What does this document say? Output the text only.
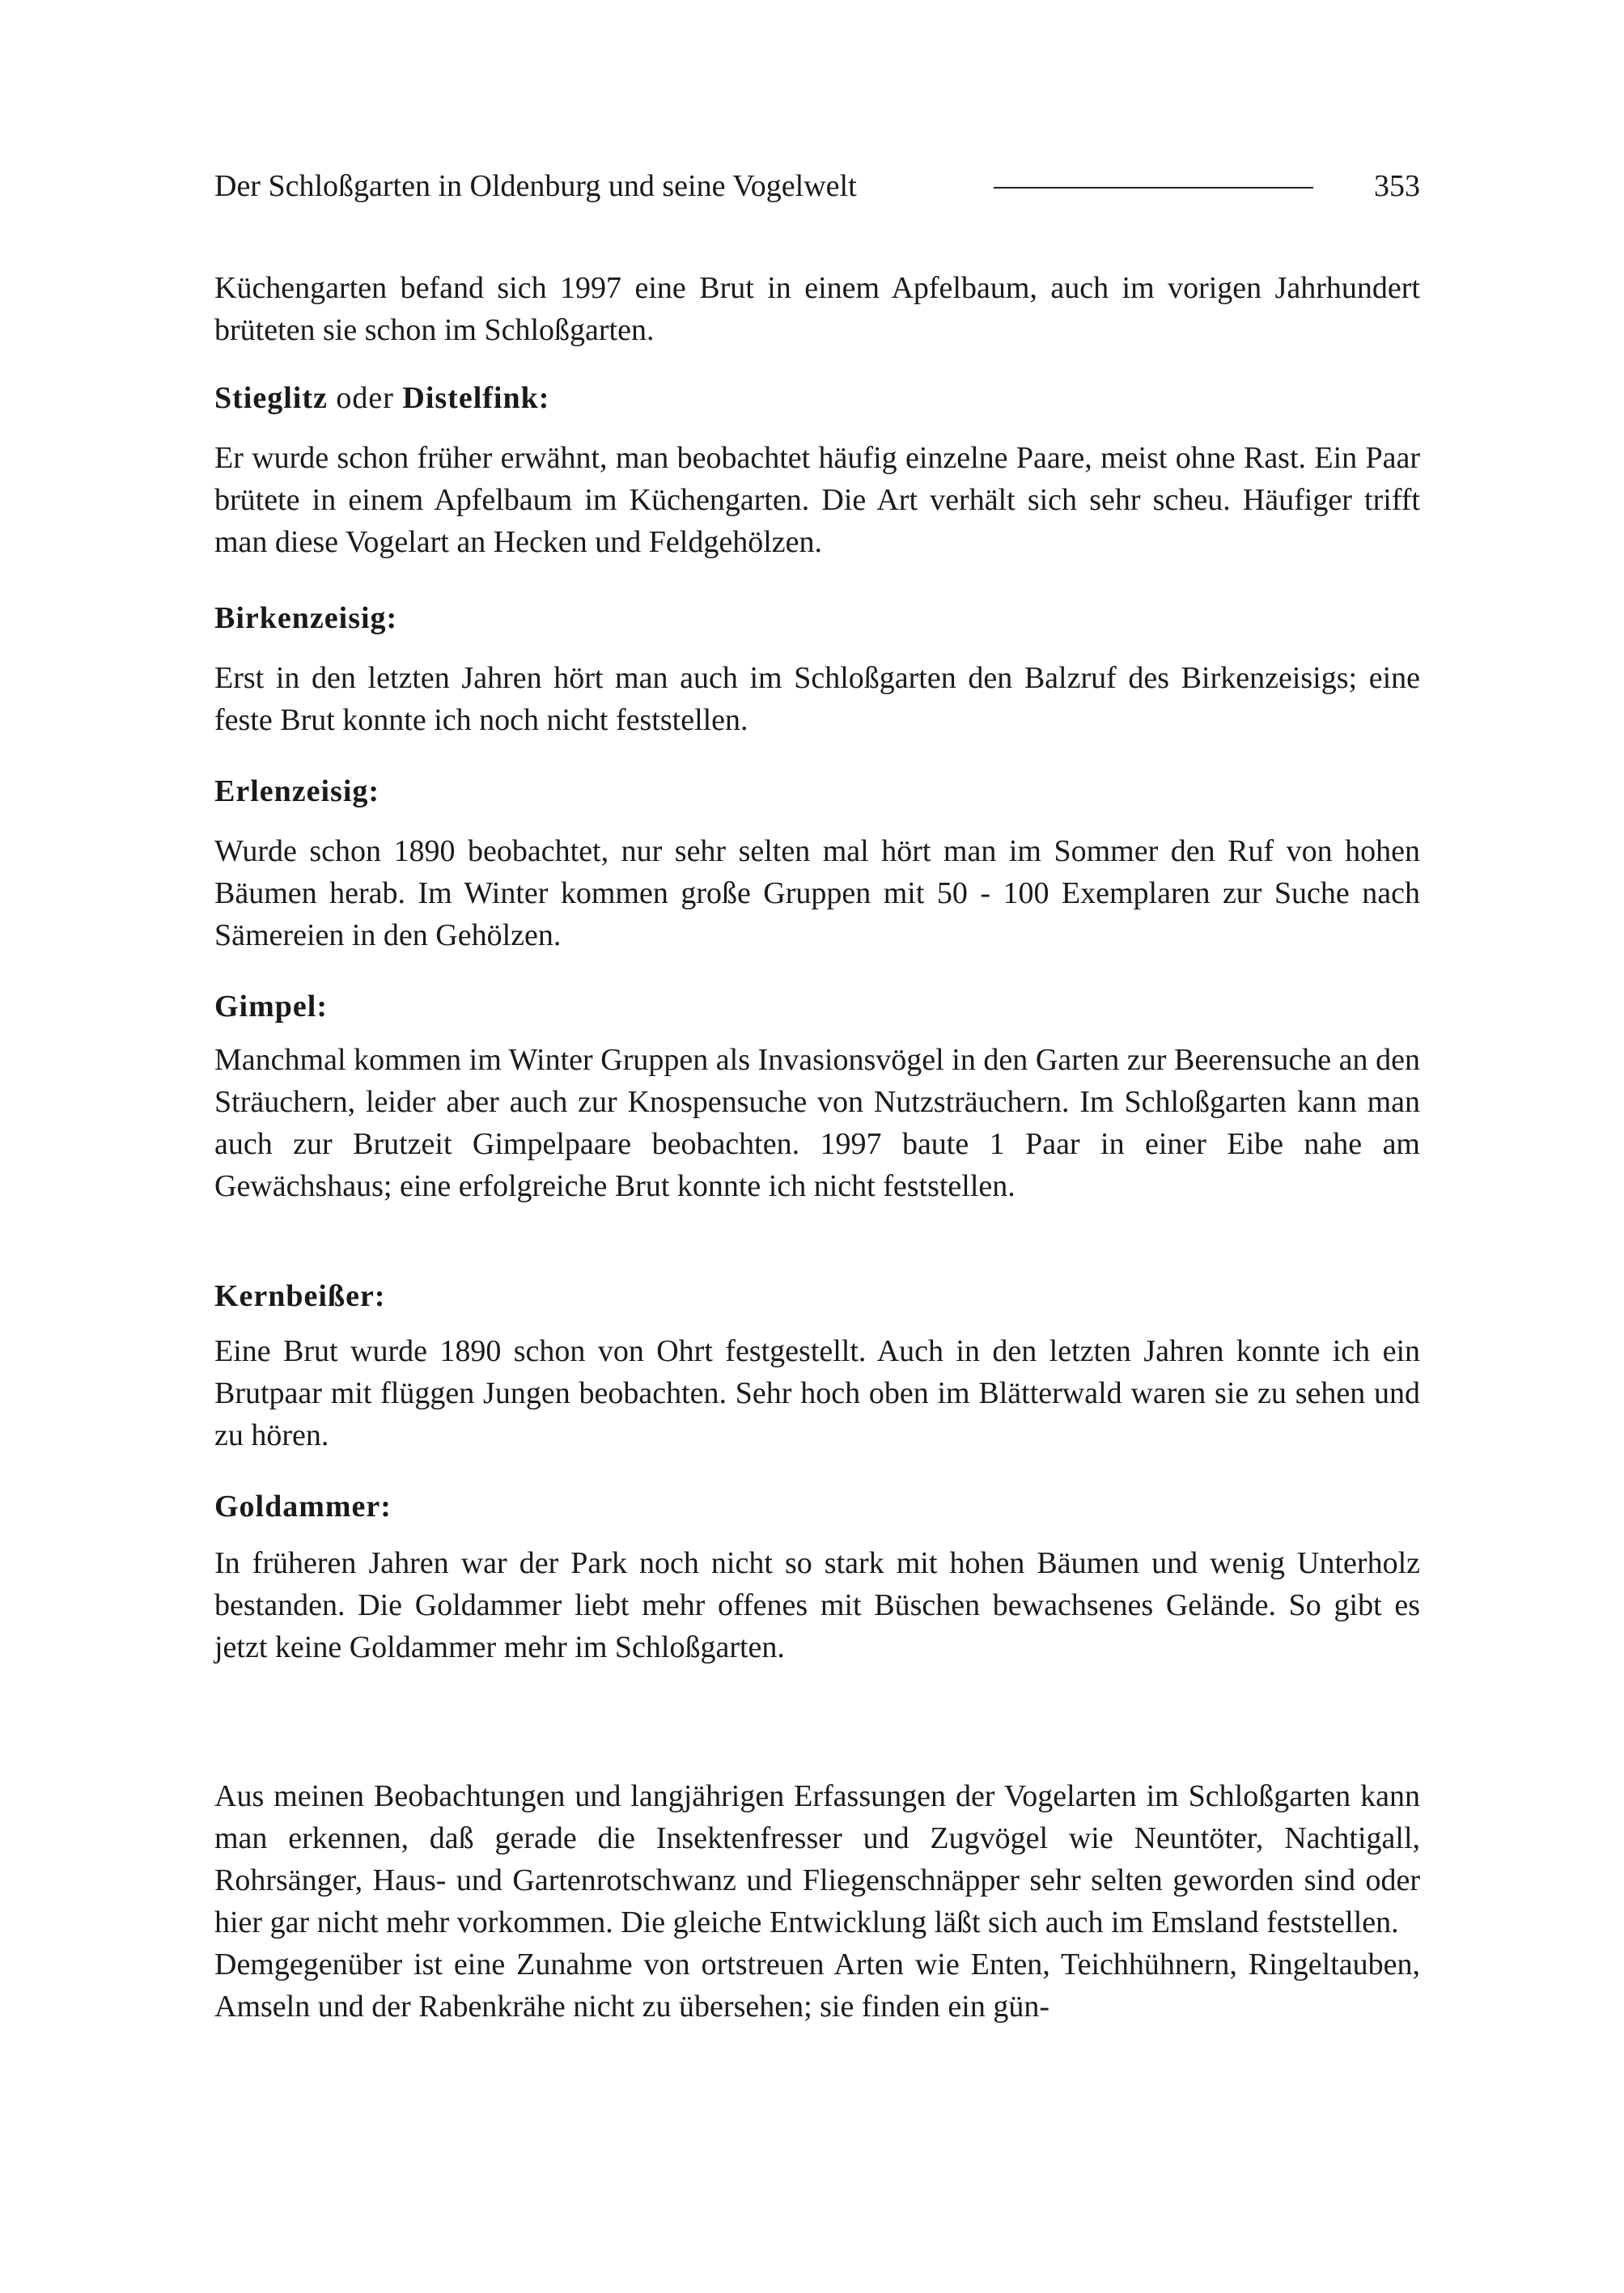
Der Schloßgarten in Oldenburg und seine Vogelwelt	353

Küchengarten befand sich 1997 eine Brut in einem Apfelbaum, auch im vorigen Jahrhundert brüteten sie schon im Schloßgarten.

Stieglitz oder Distelfink:

Er wurde schon früher erwähnt, man beobachtet häufig einzelne Paare, meist ohne Rast. Ein Paar brütete in einem Apfelbaum im Küchengarten. Die Art verhält sich sehr scheu. Häufiger trifft man diese Vogelart an Hecken und Feldgehölzen.

Birkenzeisig:

Erst in den letzten Jahren hört man auch im Schloßgarten den Balzruf des Birkenzeisigs; eine feste Brut konnte ich noch nicht feststellen.

Erlenzeisig:

Wurde schon 1890 beobachtet, nur sehr selten mal hört man im Sommer den Ruf von hohen Bäumen herab. Im Winter kommen große Gruppen mit 50 - 100 Exemplaren zur Suche nach Sämereien in den Gehölzen.

Gimpel:

Manchmal kommen im Winter Gruppen als Invasionsvögel in den Garten zur Beerensuche an den Sträuchern, leider aber auch zur Knospensuche von Nutzsträuchern. Im Schloßgarten kann man auch zur Brutzeit Gimpelpaare beobachten. 1997 baute 1 Paar in einer Eibe nahe am Gewächshaus; eine erfolgreiche Brut konnte ich nicht feststellen.

Kernbeißer:

Eine Brut wurde 1890 schon von Ohrt festgestellt. Auch in den letzten Jahren konnte ich ein Brutpaar mit flüggen Jungen beobachten. Sehr hoch oben im Blätterwald waren sie zu sehen und zu hören.

Goldammer:

In früheren Jahren war der Park noch nicht so stark mit hohen Bäumen und wenig Unterholz bestanden. Die Goldammer liebt mehr offenes mit Büschen bewachsenes Gelände. So gibt es jetzt keine Goldammer mehr im Schloßgarten.

Aus meinen Beobachtungen und langjährigen Erfassungen der Vogelarten im Schloßgarten kann man erkennen, daß gerade die Insektenfresser und Zugvögel wie Neuntöter, Nachtigall, Rohrsänger, Haus- und Gartenrotschwanz und Fliegenschnäpper sehr selten geworden sind oder hier gar nicht mehr vorkommen. Die gleiche Entwicklung läßt sich auch im Emsland feststellen.

Demgegenüber ist eine Zunahme von ortstreuen Arten wie Enten, Teichhühnern, Ringeltauben, Amseln und der Rabenkrähe nicht zu übersehen; sie finden ein gün-
